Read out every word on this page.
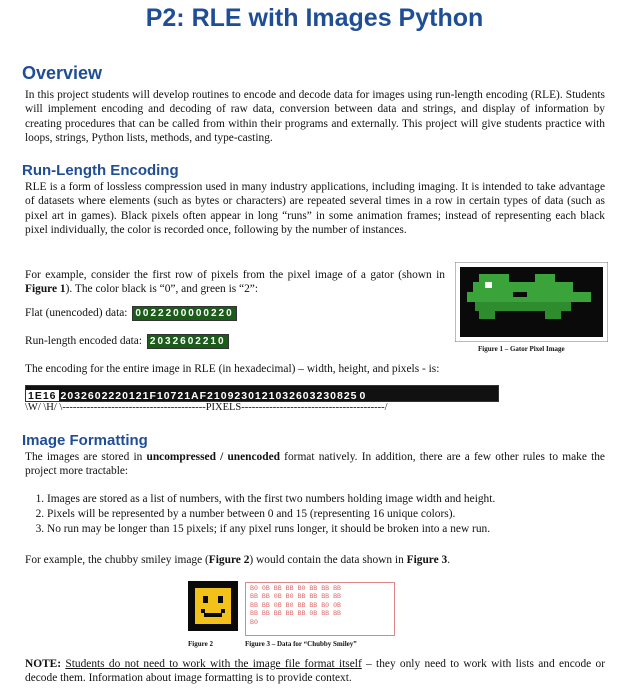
P2: RLE with Images Python
Overview
In this project students will develop routines to encode and decode data for images using run-length encoding (RLE). Students will implement encoding and decoding of raw data, conversion between data and strings, and display of information by creating procedures that can be called from within their programs and externally. This project will give students practice with loops, strings, Python lists, methods, and type-casting.
Run-Length Encoding
RLE is a form of lossless compression used in many industry applications, including imaging. It is intended to take advantage of datasets where elements (such as bytes or characters) are repeated several times in a row in certain types of data (such as pixel art in games). Black pixels often appear in long “runs” in some animation frames; instead of representing each black pixel individually, the color is recorded once, following by the number of instances.
For example, consider the first row of pixels from the pixel image of a gator (shown in Figure 1). The color black is “0”, and green is “2”:
Flat (unencoded) data: 0022200000220
Run-length encoded data: 2032602210
Figure 1 – Gator Pixel Image
The encoding for the entire image in RLE (in hexadecimal) – width, height, and pixels - is:
1E16 2032602220121F10721AF2109230121032603230825 0
\W/ \H/ \-----------------------------------------PIXELS-----------------------------------------/
Image Formatting
The images are stored in uncompressed / unencoded format natively. In addition, there are a few other rules to make the project more tractable:
1. Images are stored as a list of numbers, with the first two numbers holding image width and height.
2. Pixels will be represented by a number between 0 and 15 (representing 16 unique colors).
3. No run may be longer than 15 pixels; if any pixel runs longer, it should be broken into a new run.
For example, the chubby smiley image (Figure 2) would contain the data shown in Figure 3.
Figure 2
B0 0B BB BB B0 BB BB BB
BB BB 0B B0 BB BB BB BB
BB BB 0B B0 BB BB B0 0B
BB BB BB BB BB 0B BB BB
B0
Figure 3 – Data for “Chubby Smiley”
NOTE: Students do not need to work with the image file format itself – they only need to work with lists and encode or decode them. Information about image formatting is to provide context.
